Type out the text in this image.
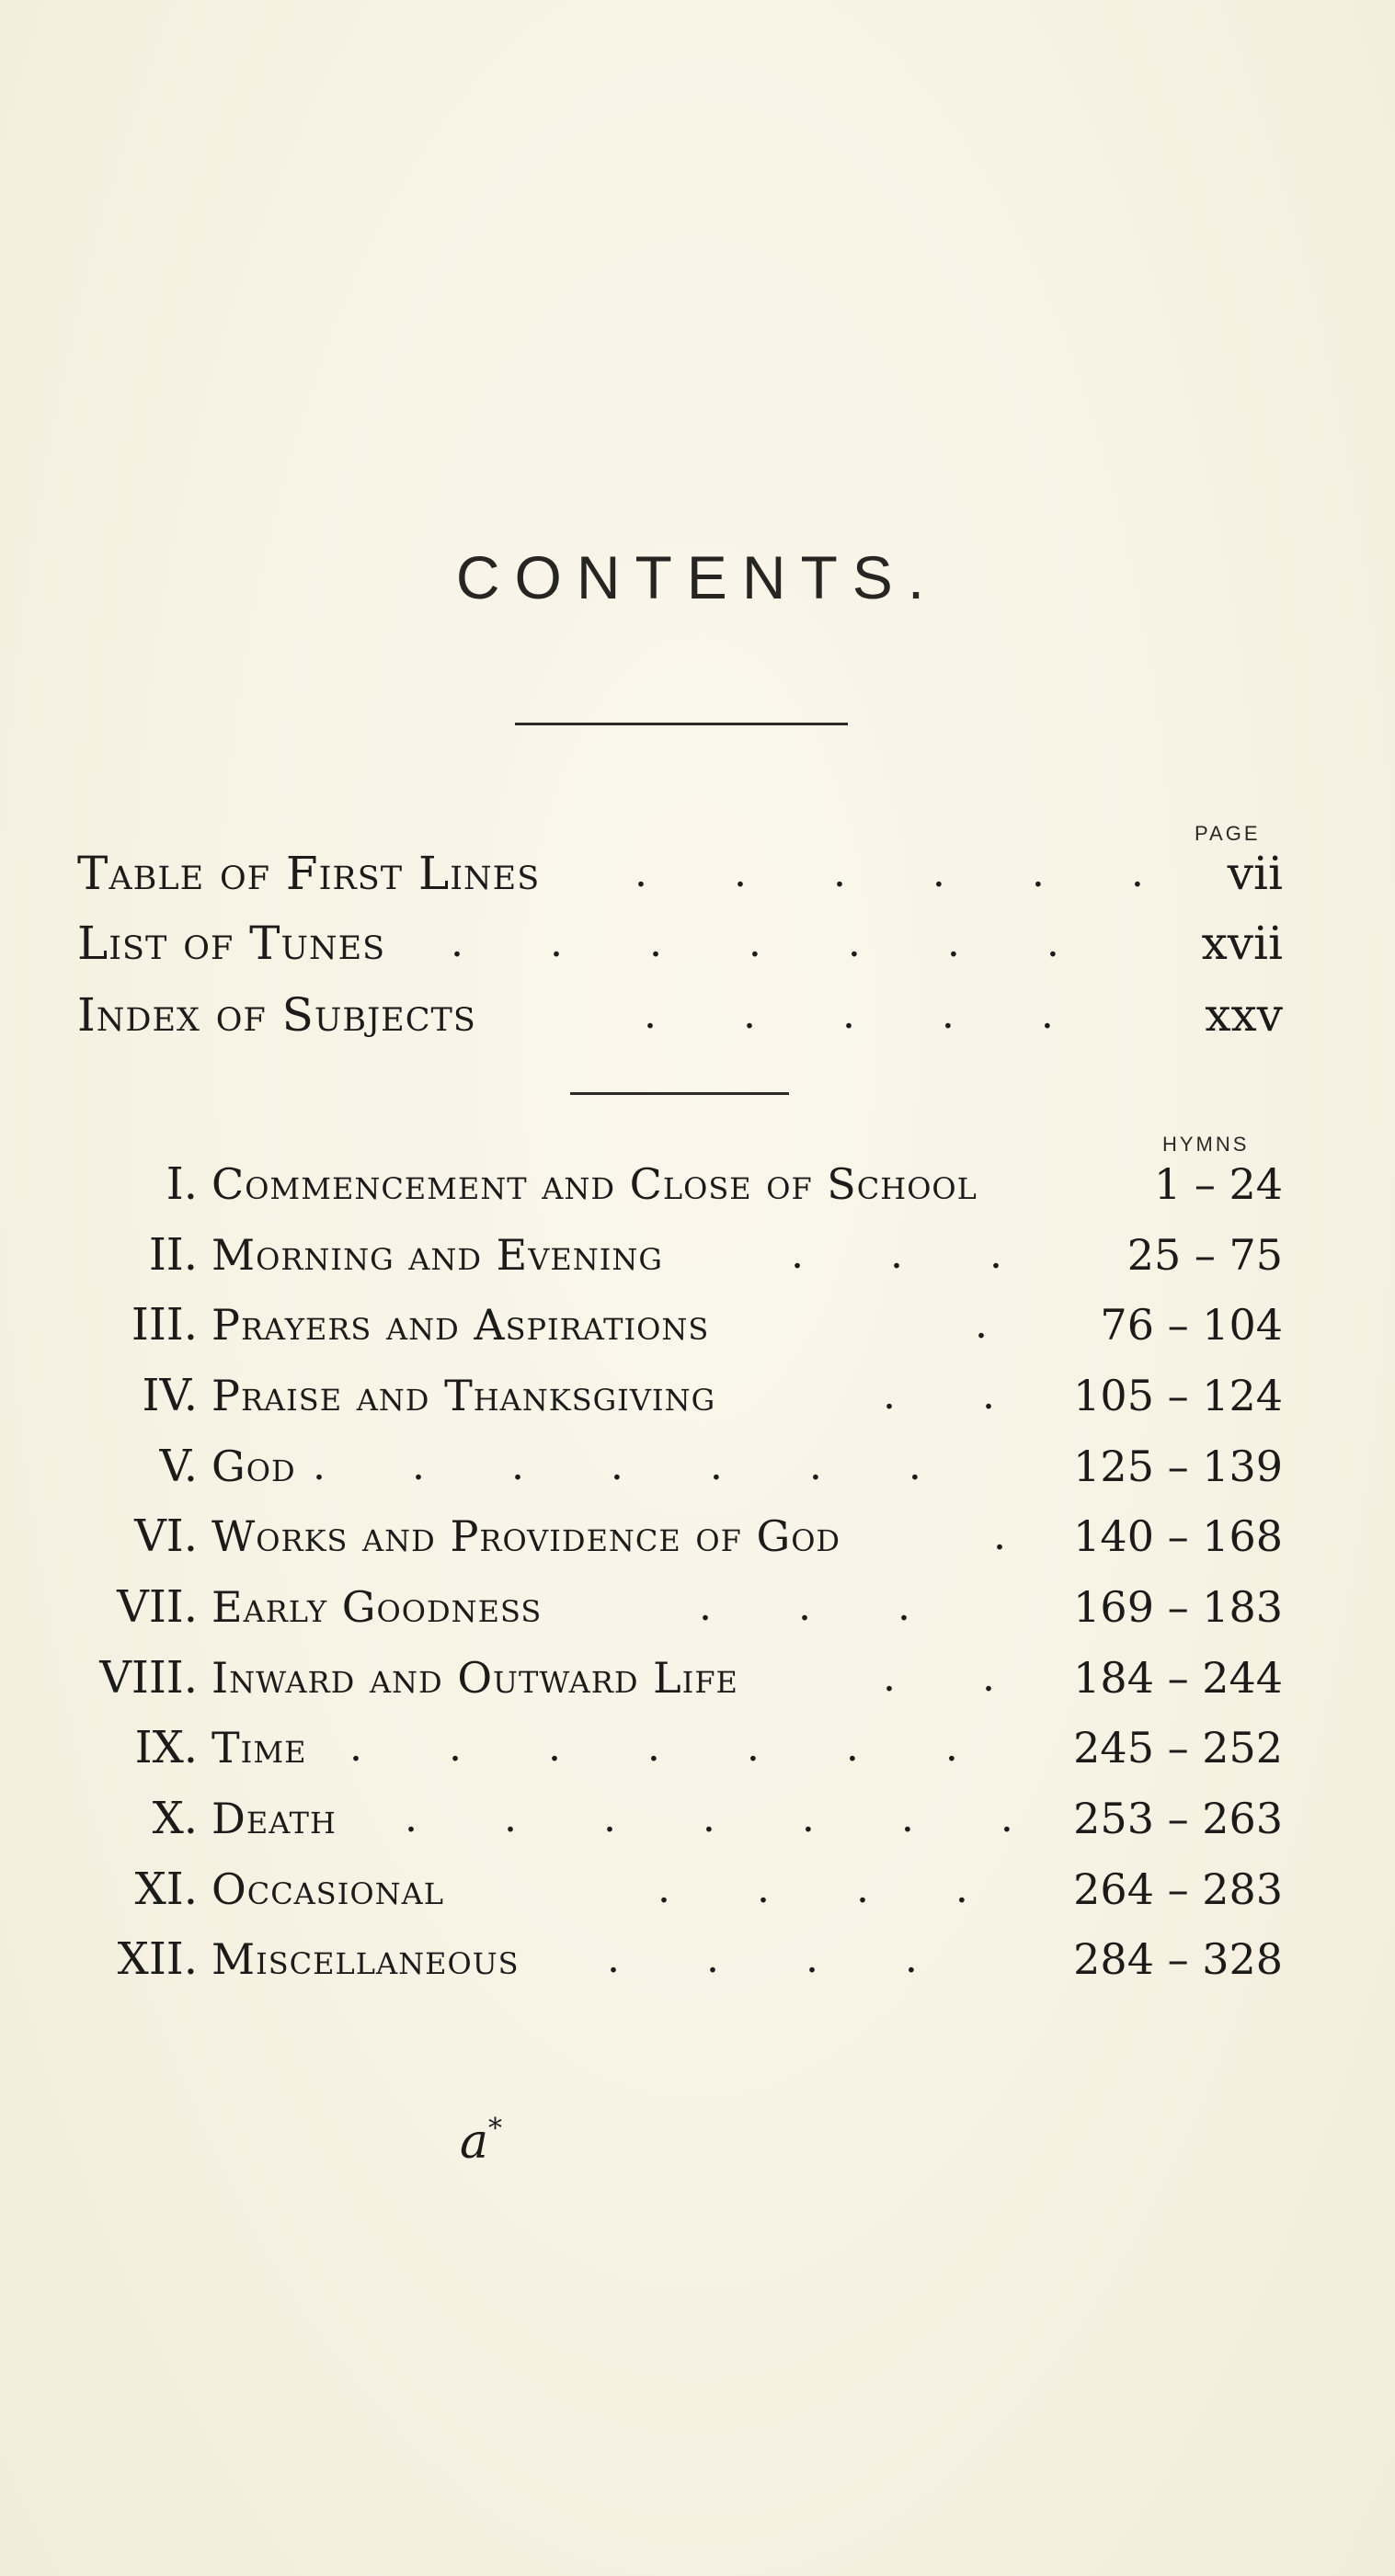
CONTENTS.
PAGE
Table of First Lines . . . . . . vii
List of Tunes . . . . . . . xvii
Index of Subjects	. . . . . xxv
HYMNS
I. Commencement and Close of School	1 – 24
II. Morning and Evening	. . .	25 – 75
III. Prayers and Aspirations	.	76 – 104
IV. Praise and Thanksgiving	. . 105 – 124
V. God . . . . . . .	125 – 139
VI. Works and Providence of God	. 140 – 168
VII. Early Goodness	. . .	169 – 183
VIII. Inward and Outward Life	. . 184 – 244
IX. Time . . . . . . .	245 – 252
X. Death . . . . . . . 253 – 263
XI. Occasional	. . . .	264 – 283
XII. Miscellaneous . . . .	284 – 328
a*
